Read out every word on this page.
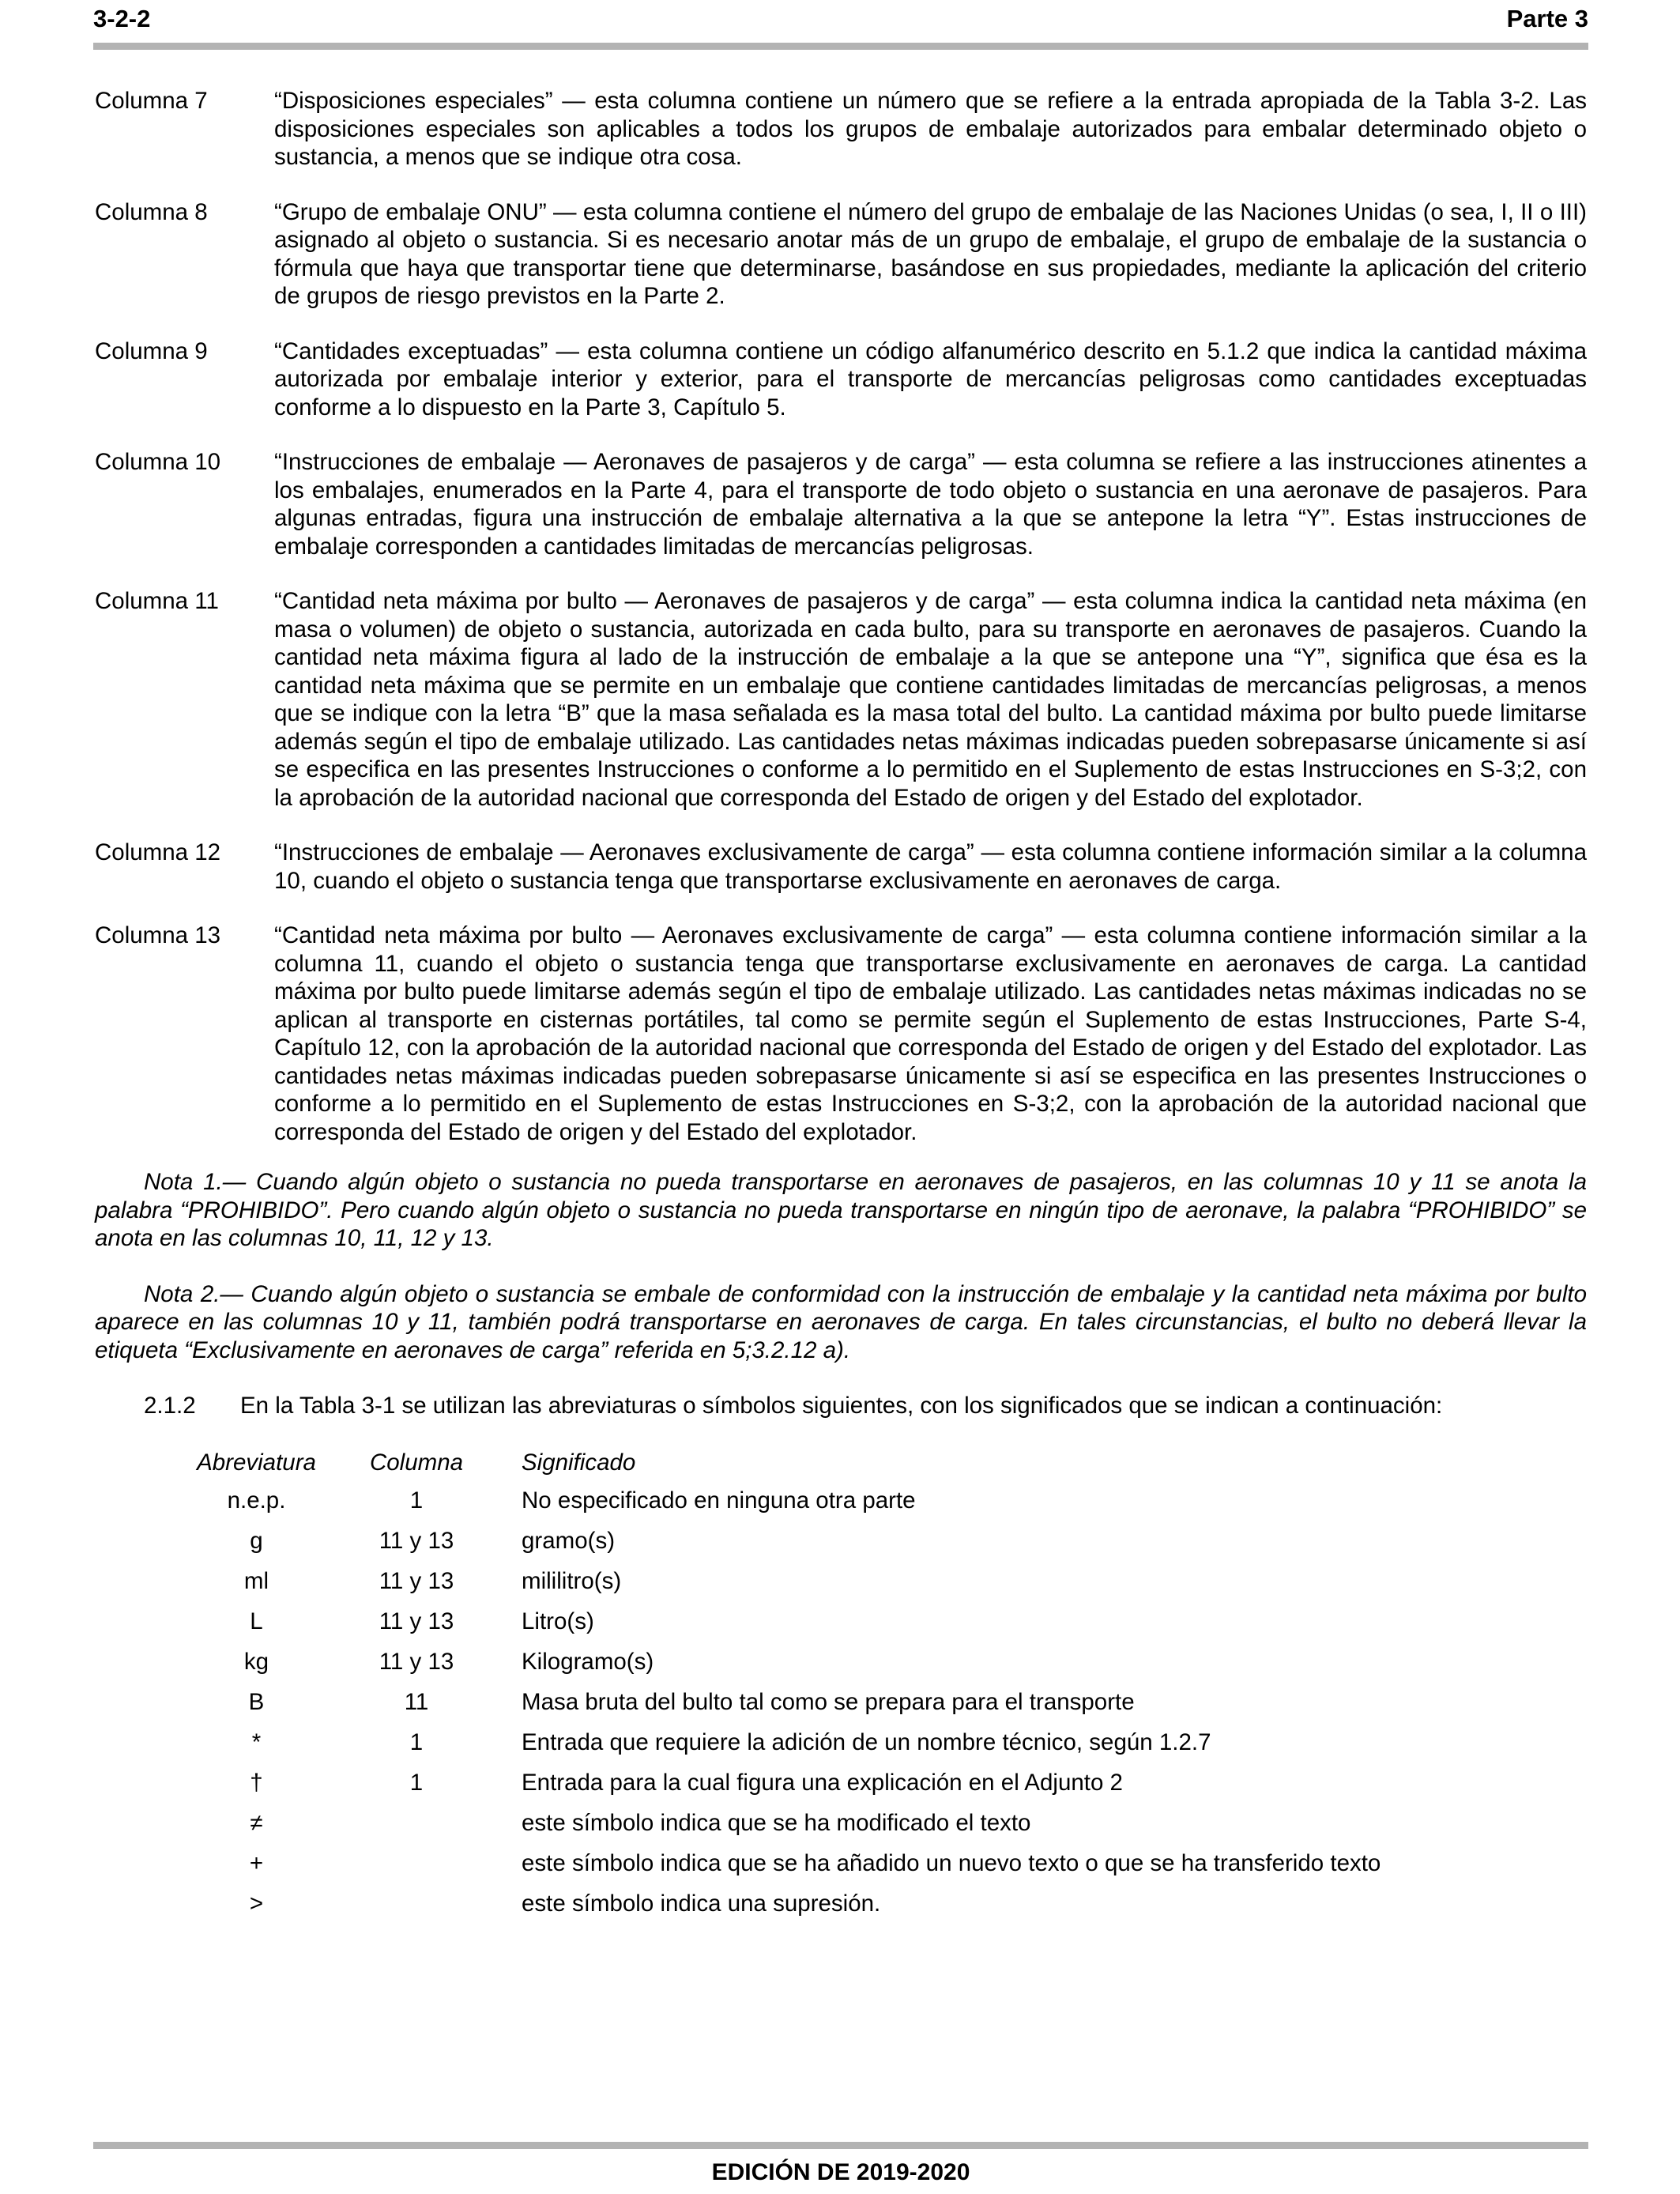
3-2-2	Parte 3
Columna 7	“Disposiciones especiales” — esta columna contiene un número que se refiere a la entrada apropiada de la Tabla 3-2. Las disposiciones especiales son aplicables a todos los grupos de embalaje autorizados para embalar determinado objeto o sustancia, a menos que se indique otra cosa.
Columna 8	“Grupo de embalaje ONU” — esta columna contiene el número del grupo de embalaje de las Naciones Unidas (o sea, I, II o III) asignado al objeto o sustancia. Si es necesario anotar más de un grupo de embalaje, el grupo de embalaje de la sustancia o fórmula que haya que transportar tiene que determinarse, basándose en sus propiedades, mediante la aplicación del criterio de grupos de riesgo previstos en la Parte 2.
Columna 9	“Cantidades exceptuadas” — esta columna contiene un código alfanumérico descrito en 5.1.2 que indica la cantidad máxima autorizada por embalaje interior y exterior, para el transporte de mercancías peligrosas como cantidades exceptuadas conforme a lo dispuesto en la Parte 3, Capítulo 5.
Columna 10	“Instrucciones de embalaje — Aeronaves de pasajeros y de carga” — esta columna se refiere a las instrucciones atinentes a los embalajes, enumerados en la Parte 4, para el transporte de todo objeto o sustancia en una aeronave de pasajeros. Para algunas entradas, figura una instrucción de embalaje alternativa a la que se antepone la letra “Y”. Estas instrucciones de embalaje corresponden a cantidades limitadas de mercancías peligrosas.
Columna 11	“Cantidad neta máxima por bulto — Aeronaves de pasajeros y de carga” — esta columna indica la cantidad neta máxima (en masa o volumen) de objeto o sustancia, autorizada en cada bulto, para su transporte en aeronaves de pasajeros. Cuando la cantidad neta máxima figura al lado de la instrucción de embalaje a la que se antepone una “Y”, significa que ésa es la cantidad neta máxima que se permite en un embalaje que contiene cantidades limitadas de mercancías peligrosas, a menos que se indique con la letra “B” que la masa señalada es la masa total del bulto. La cantidad máxima por bulto puede limitarse además según el tipo de embalaje utilizado. Las cantidades netas máximas indicadas pueden sobrepasarse únicamente si así se especifica en las presentes Instrucciones o conforme a lo permitido en el Suplemento de estas Instrucciones en S-3;2, con la aprobación de la autoridad nacional que corresponda del Estado de origen y del Estado del explotador.
Columna 12	“Instrucciones de embalaje — Aeronaves exclusivamente de carga” — esta columna contiene información similar a la columna 10, cuando el objeto o sustancia tenga que transportarse exclusivamente en aeronaves de carga.
Columna 13	“Cantidad neta máxima por bulto — Aeronaves exclusivamente de carga” — esta columna contiene información similar a la columna 11, cuando el objeto o sustancia tenga que transportarse exclusivamente en aeronaves de carga. La cantidad máxima por bulto puede limitarse además según el tipo de embalaje utilizado. Las cantidades netas máximas indicadas no se aplican al transporte en cisternas portátiles, tal como se permite según el Suplemento de estas Instrucciones, Parte S-4, Capítulo 12, con la aprobación de la autoridad nacional que corresponda del Estado de origen y del Estado del explotador. Las cantidades netas máximas indicadas pueden sobrepasarse únicamente si así se especifica en las presentes Instrucciones o conforme a lo permitido en el Suplemento de estas Instrucciones en S-3;2, con la aprobación de la autoridad nacional que corresponda del Estado de origen y del Estado del explotador.

Nota 1.— Cuando algún objeto o sustancia no pueda transportarse en aeronaves de pasajeros, en las columnas 10 y 11 se anota la palabra “PROHIBIDO”. Pero cuando algún objeto o sustancia no pueda transportarse en ningún tipo de aeronave, la palabra “PROHIBIDO” se anota en las columnas 10, 11, 12 y 13.

Nota 2.— Cuando algún objeto o sustancia se embale de conformidad con la instrucción de embalaje y la cantidad neta máxima por bulto aparece en las columnas 10 y 11, también podrá transportarse en aeronaves de carga. En tales circunstancias, el bulto no deberá llevar la etiqueta “Exclusivamente en aeronaves de carga” referida en 5;3.2.12 a).

2.1.2 En la Tabla 3-1 se utilizan las abreviaturas o símbolos siguientes, con los significados que se indican a continuación:

Abreviatura	Columna	Significado
n.e.p.	1	No especificado en ninguna otra parte
g	11 y 13	gramo(s)
ml	11 y 13	mililitro(s)
L	11 y 13	Litro(s)
kg	11 y 13	Kilogramo(s)
B	11	Masa bruta del bulto tal como se prepara para el transporte
*	1	Entrada que requiere la adición de un nombre técnico, según 1.2.7
†	1	Entrada para la cual figura una explicación en el Adjunto 2
≠		este símbolo indica que se ha modificado el texto
+		este símbolo indica que se ha añadido un nuevo texto o que se ha transferido texto
>		este símbolo indica una supresión.
EDICIÓN DE 2019-2020
